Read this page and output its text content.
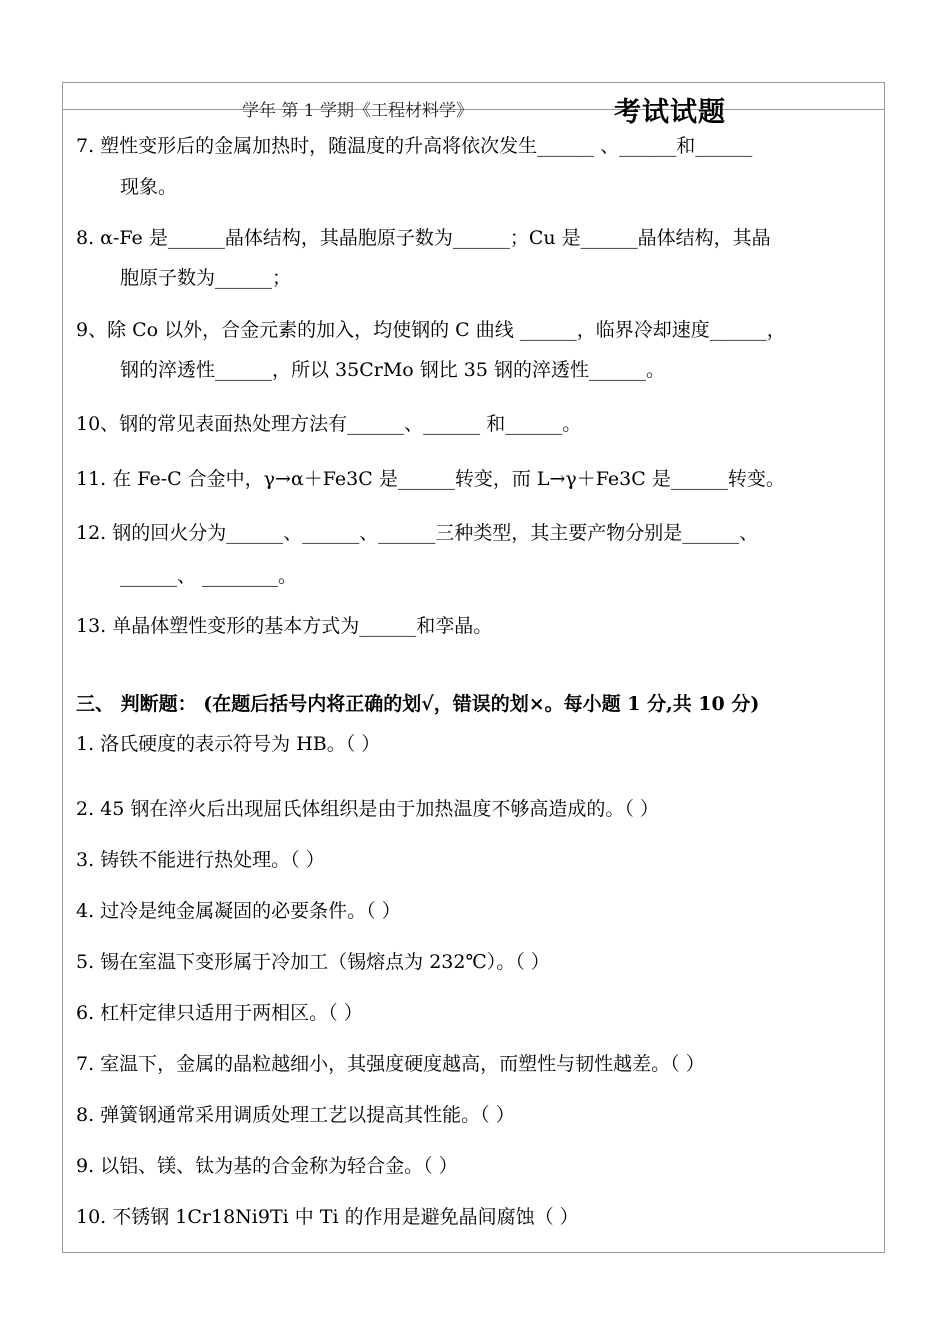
学年 第 1 学期《工程材料学》	考试试题
7. 塑性变形后的金属加热时，随温度的升高将依次发生______ 、______和______
现象。
8. α-Fe 是______晶体结构，其晶胞原子数为______；Cu 是______晶体结构，其晶
胞原子数为______；
9、除 Co 以外，合金元素的加入，均使钢的 C 曲线 ______，临界冷却速度______，
钢的淬透性______，所以 35CrMo 钢比 35 钢的淬透性______。
10、钢的常见表面热处理方法有______、______ 和______。
11. 在 Fe-C 合金中，γ→α＋Fe3C 是______转变，而 L→γ＋Fe3C 是______转变。
12. 钢的回火分为______、______、______三种类型，其主要产物分别是______、
______、 ________。
13. 单晶体塑性变形的基本方式为______和孪晶。
三、 判断题： (在题后括号内将正确的划√，错误的划×。每小题 1 分,共 10 分)
1. 洛氏硬度的表示符号为 HB。（ ）
2. 45 钢在淬火后出现屈氏体组织是由于加热温度不够高造成的。（ ）
3. 铸铁不能进行热处理。（ ）
4. 过冷是纯金属凝固的必要条件。（ ）
5. 锡在室温下变形属于冷加工（锡熔点为 232℃）。（ ）
6. 杠杆定律只适用于两相区。（ ）
7. 室温下，金属的晶粒越细小，其强度硬度越高，而塑性与韧性越差。（ ）
8. 弹簧钢通常采用调质处理工艺以提高其性能。（ ）
9. 以铝、镁、钛为基的合金称为轻合金。（ ）
10. 不锈钢 1Cr18Ni9Ti 中 Ti 的作用是避免晶间腐蚀（ ）
